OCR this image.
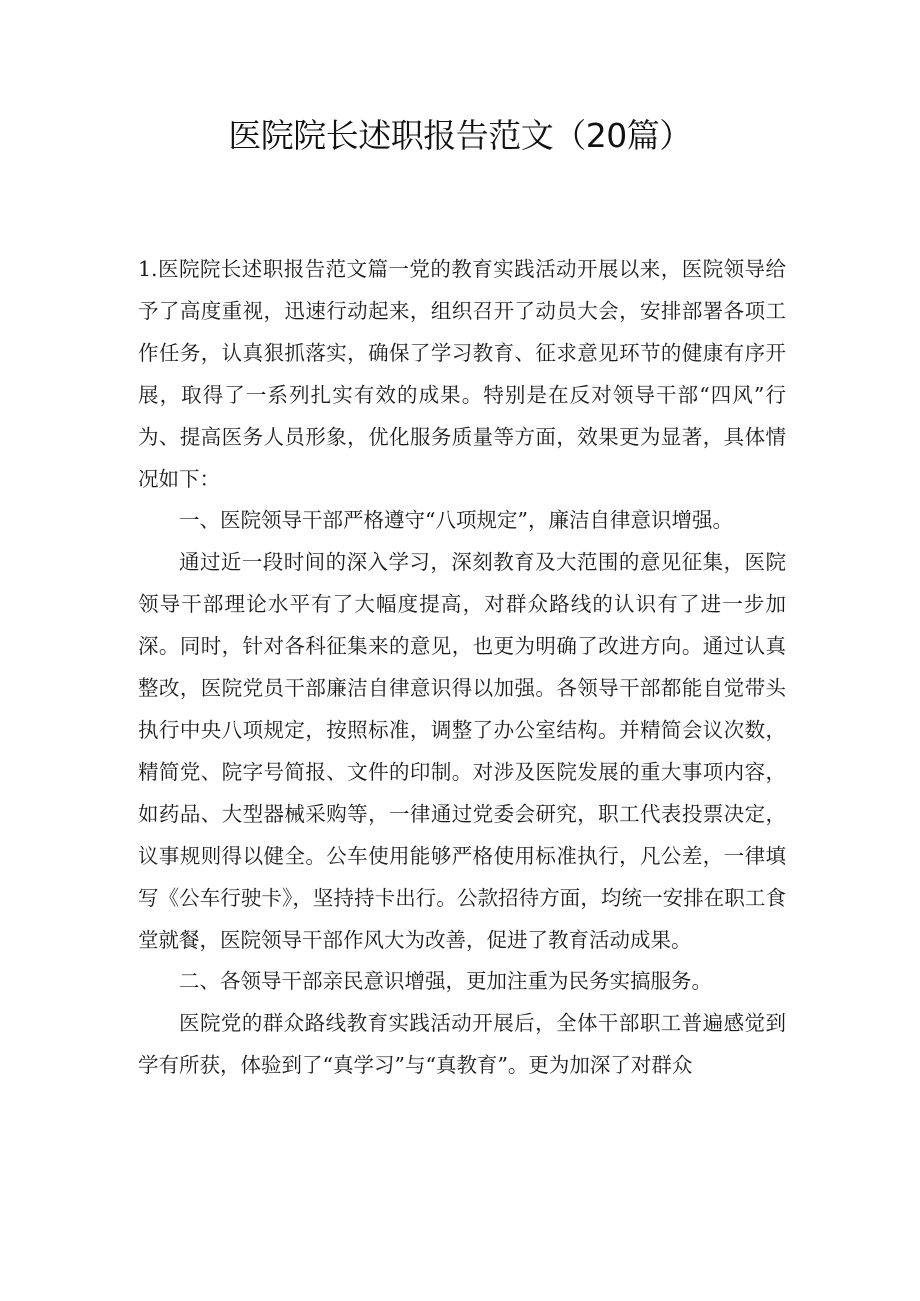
医院院长述职报告范文（20篇）

1.医院院长述职报告范文篇一党的教育实践活动开展以来，医院领导给予了高度重视，迅速行动起来，组织召开了动员大会，安排部署各项工作任务，认真狠抓落实，确保了学习教育、征求意见环节的健康有序开展，取得了一系列扎实有效的成果。特别是在反对领导干部“四风”行为、提高医务人员形象，优化服务质量等方面，效果更为显著，具体情况如下：

一、医院领导干部严格遵守“八项规定”，廉洁自律意识增强。

通过近一段时间的深入学习，深刻教育及大范围的意见征集，医院领导干部理论水平有了大幅度提高，对群众路线的认识有了进一步加深。同时，针对各科征集来的意见，也更为明确了改进方向。通过认真整改，医院党员干部廉洁自律意识得以加强。各领导干部都能自觉带头执行中央八项规定，按照标准，调整了办公室结构。并精简会议次数，精简党、院字号简报、文件的印制。对涉及医院发展的重大事项内容，如药品、大型器械采购等，一律通过党委会研究，职工代表投票决定，议事规则得以健全。公车使用能够严格使用标准执行，凡公差，一律填写《公车行驶卡》，坚持持卡出行。公款招待方面，均统一安排在职工食堂就餐，医院领导干部作风大为改善，促进了教育活动成果。

二、各领导干部亲民意识增强，更加注重为民务实搞服务。

医院党的群众路线教育实践活动开展后，全体干部职工普遍感觉到学有所获，体验到了“真学习”与“真教育”。更为加深了对群众
